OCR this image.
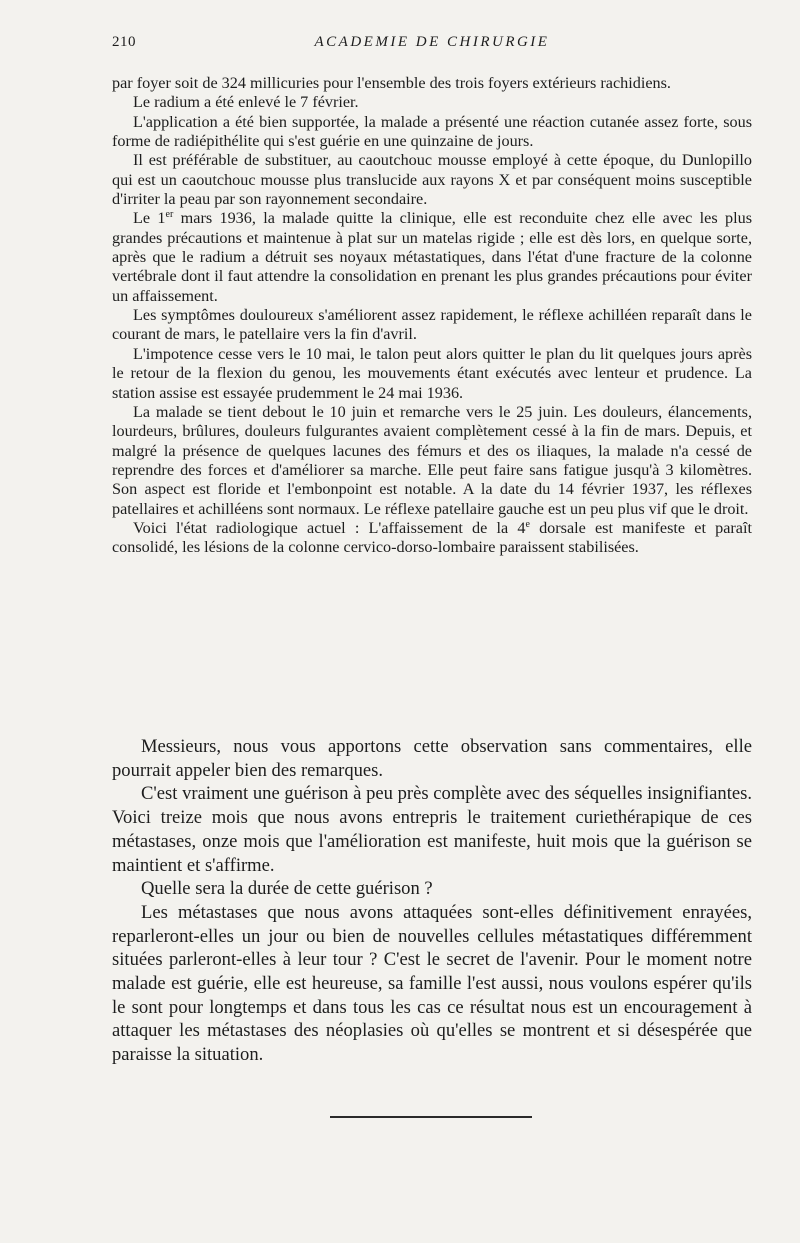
210	ACADEMIE DE CHIRURGIE

par foyer soit de 324 millicuries pour l'ensemble des trois foyers extérieurs rachidiens.

Le radium a été enlevé le 7 février.

L'application a été bien supportée, la malade a présenté une réaction cutanée assez forte, sous forme de radiépithélite qui s'est guérie en une quinzaine de jours.

Il est préférable de substituer, au caoutchouc mousse employé à cette époque, du Dunlopillo qui est un caoutchouc mousse plus translucide aux rayons X et par conséquent moins susceptible d'irriter la peau par son rayonnement secondaire.

Le 1er mars 1936, la malade quitte la clinique, elle est reconduite chez elle avec les plus grandes précautions et maintenue à plat sur un matelas rigide ; elle est dès lors, en quelque sorte, après que le radium a détruit ses noyaux métastatiques, dans l'état d'une fracture de la colonne vertébrale dont il faut attendre la consolidation en prenant les plus grandes précautions pour éviter un affaissement.

Les symptômes douloureux s'améliorent assez rapidement, le réflexe achilléen reparaît dans le courant de mars, le patellaire vers la fin d'avril.

L'impotence cesse vers le 10 mai, le talon peut alors quitter le plan du lit quelques jours après le retour de la flexion du genou, les mouvements étant exécutés avec lenteur et prudence. La station assise est essayée prudemment le 24 mai 1936.

La malade se tient debout le 10 juin et remarche vers le 25 juin. Les douleurs, élancements, lourdeurs, brûlures, douleurs fulgurantes avaient complètement cessé à la fin de mars. Depuis, et malgré la présence de quelques lacunes des fémurs et des os iliaques, la malade n'a cessé de reprendre des forces et d'améliorer sa marche. Elle peut faire sans fatigue jusqu'à 3 kilomètres. Son aspect est floride et l'embonpoint est notable. A la date du 14 février 1937, les réflexes patellaires et achilléens sont normaux. Le réflexe patellaire gauche est un peu plus vif que le droit.

Voici l'état radiologique actuel : L'affaissement de la 4e dorsale est manifeste et paraît consolidé, les lésions de la colonne cervico-dorso-lombaire paraissent stabilisées.

Messieurs, nous vous apportons cette observation sans commentaires, elle pourrait appeler bien des remarques.

C'est vraiment une guérison à peu près complète avec des séquelles insignifiantes. Voici treize mois que nous avons entrepris le traitement curiethérapique de ces métastases, onze mois que l'amélioration est manifeste, huit mois que la guérison se maintient et s'affirme.

Quelle sera la durée de cette guérison ?

Les métastases que nous avons attaquées sont-elles définitivement enrayées, reparleront-elles un jour ou bien de nouvelles cellules métastatiques différemment situées parleront-elles à leur tour ? C'est le secret de l'avenir. Pour le moment notre malade est guérie, elle est heureuse, sa famille l'est aussi, nous voulons espérer qu'ils le sont pour longtemps et dans tous les cas ce résultat nous est un encouragement à attaquer les métastases des néoplasies où qu'elles se montrent et si désespérée que paraisse la situation.
